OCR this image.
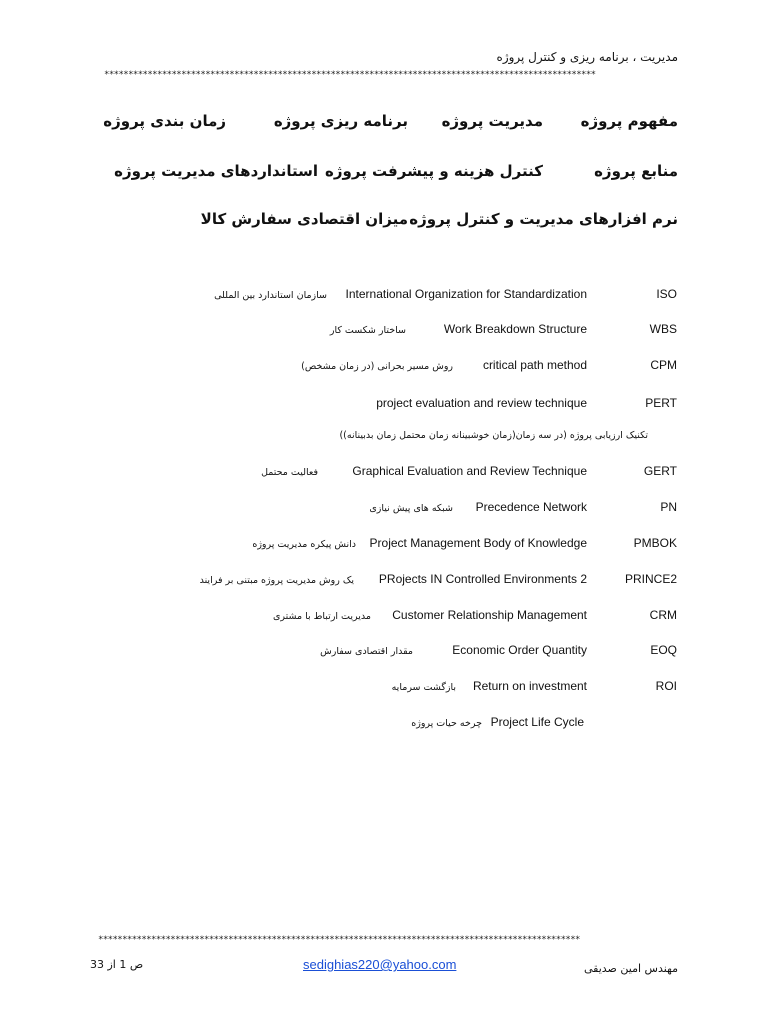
مدیریت ، برنامه ریزی و کنترل پروژه
******************************************************************************************************
مفهوم پروژه
مدیریت پروژه
برنامه ریزی پروژه
زمان بندی پروژه
منابع پروژه
کنترل هزینه و پیشرفت پروژه
استانداردهای مدیریت پروژه
نرم افزارهای مدیریت و کنترل پروژه
میزان اقتصادی سفارش کالا
ISO
International Organization for Standardization
سازمان استاندارد بین المللی
WBS
Work Breakdown Structure
ساختار شکست کار
CPM
critical path method
روش مسیر بحرانی (در زمان مشخص)
PERT
project evaluation and review technique
تکنیک ارزیابی پروژه (در سه زمان(زمان خوشبینانه زمان محتمل زمان بدبینانه))
GERT
Graphical Evaluation and Review Technique
فعالیت محتمل
PN
Precedence Network
شبکه های پیش نیازی
PMBOK
Project Management Body of Knowledge
دانش پیکره مدیریت پروژه
PRINCE2
PRojects IN Controlled Environments 2
یک روش مدیریت پروژه مبتنی بر فرایند
CRM
Customer Relationship Management
مدیریت ارتباط با مشتری
EOQ
Economic Order Quantity
مقدار اقتصادی سفارش
ROI
Return on investment
بازگشت سرمایه
Project Life Cycle
چرخه حیات پروژه
****************************************************************************************************
مهندس امین صدیقی
sedighias220@yahoo.com
ص 1 از 33
